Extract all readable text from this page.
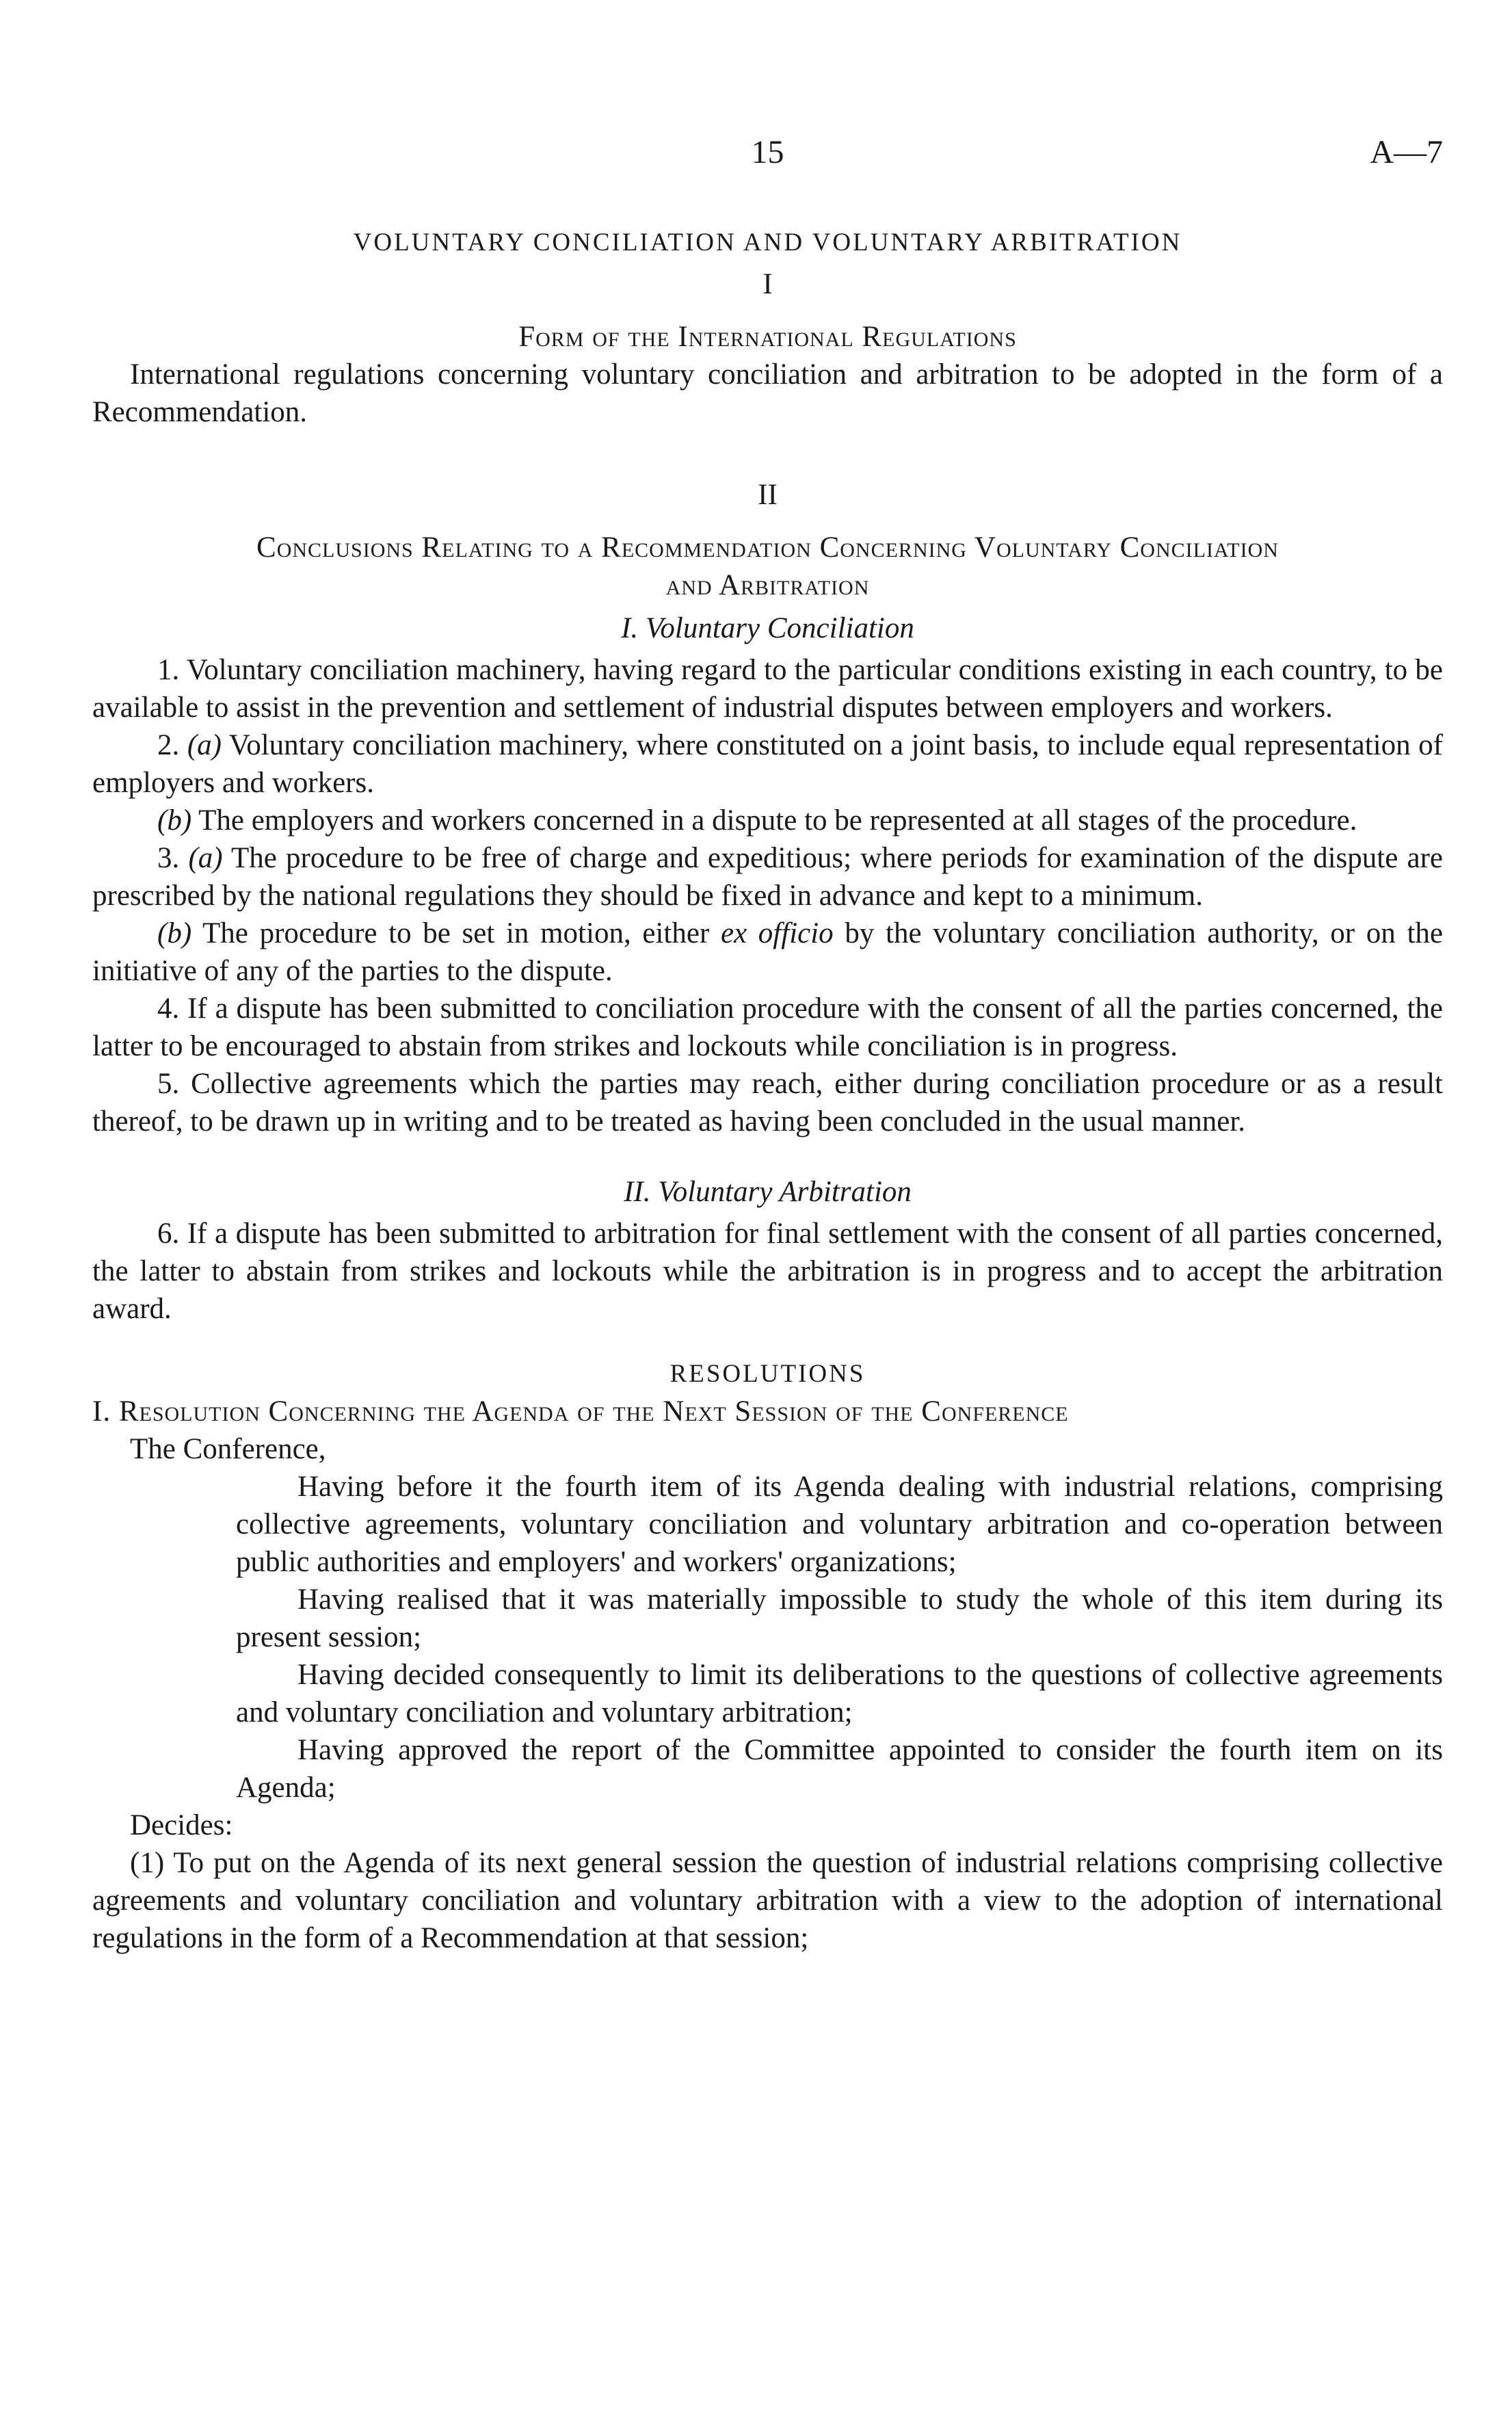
15	A—7
VOLUNTARY CONCILIATION AND VOLUNTARY ARBITRATION
I
Form of the International Regulations

International regulations concerning voluntary conciliation and arbitration to be adopted in the form of a Recommendation.

II
Conclusions Relating to a Recommendation Concerning Voluntary Conciliation
and Arbitration
I. Voluntary Conciliation

1. Voluntary conciliation machinery, having regard to the particular conditions existing in each country, to be available to assist in the prevention and settlement of industrial disputes between employers and workers.

2. (a) Voluntary conciliation machinery, where constituted on a joint basis, to include equal representation of employers and workers.

(b) The employers and workers concerned in a dispute to be represented at all stages of the procedure.

3. (a) The procedure to be free of charge and expeditious; where periods for examination of the dispute are prescribed by the national regulations they should be fixed in advance and kept to a minimum.

(b) The procedure to be set in motion, either ex officio by the voluntary conciliation authority, or on the initiative of any of the parties to the dispute.

4. If a dispute has been submitted to conciliation procedure with the consent of all the parties concerned, the latter to be encouraged to abstain from strikes and lockouts while conciliation is in progress.

5. Collective agreements which the parties may reach, either during conciliation procedure or as a result thereof, to be drawn up in writing and to be treated as having been concluded in the usual manner.

II. Voluntary Arbitration

6. If a dispute has been submitted to arbitration for final settlement with the consent of all parties concerned, the latter to abstain from strikes and lockouts while the arbitration is in progress and to accept the arbitration award.

RESOLUTIONS
I. Resolution Concerning the Agenda of the Next Session of the Conference

The Conference,

Having before it the fourth item of its Agenda dealing with industrial relations, comprising collective agreements, voluntary conciliation and voluntary arbitration and co-operation between public authorities and employers' and workers' organizations;

Having realised that it was materially impossible to study the whole of this item during its present session;

Having decided consequently to limit its deliberations to the questions of collective agreements and voluntary conciliation and voluntary arbitration;

Having approved the report of the Committee appointed to consider the fourth item on its Agenda;

Decides:

(1) To put on the Agenda of its next general session the question of industrial relations comprising collective agreements and voluntary conciliation and voluntary arbitration with a view to the adoption of international regulations in the form of a Recommendation at that session;
